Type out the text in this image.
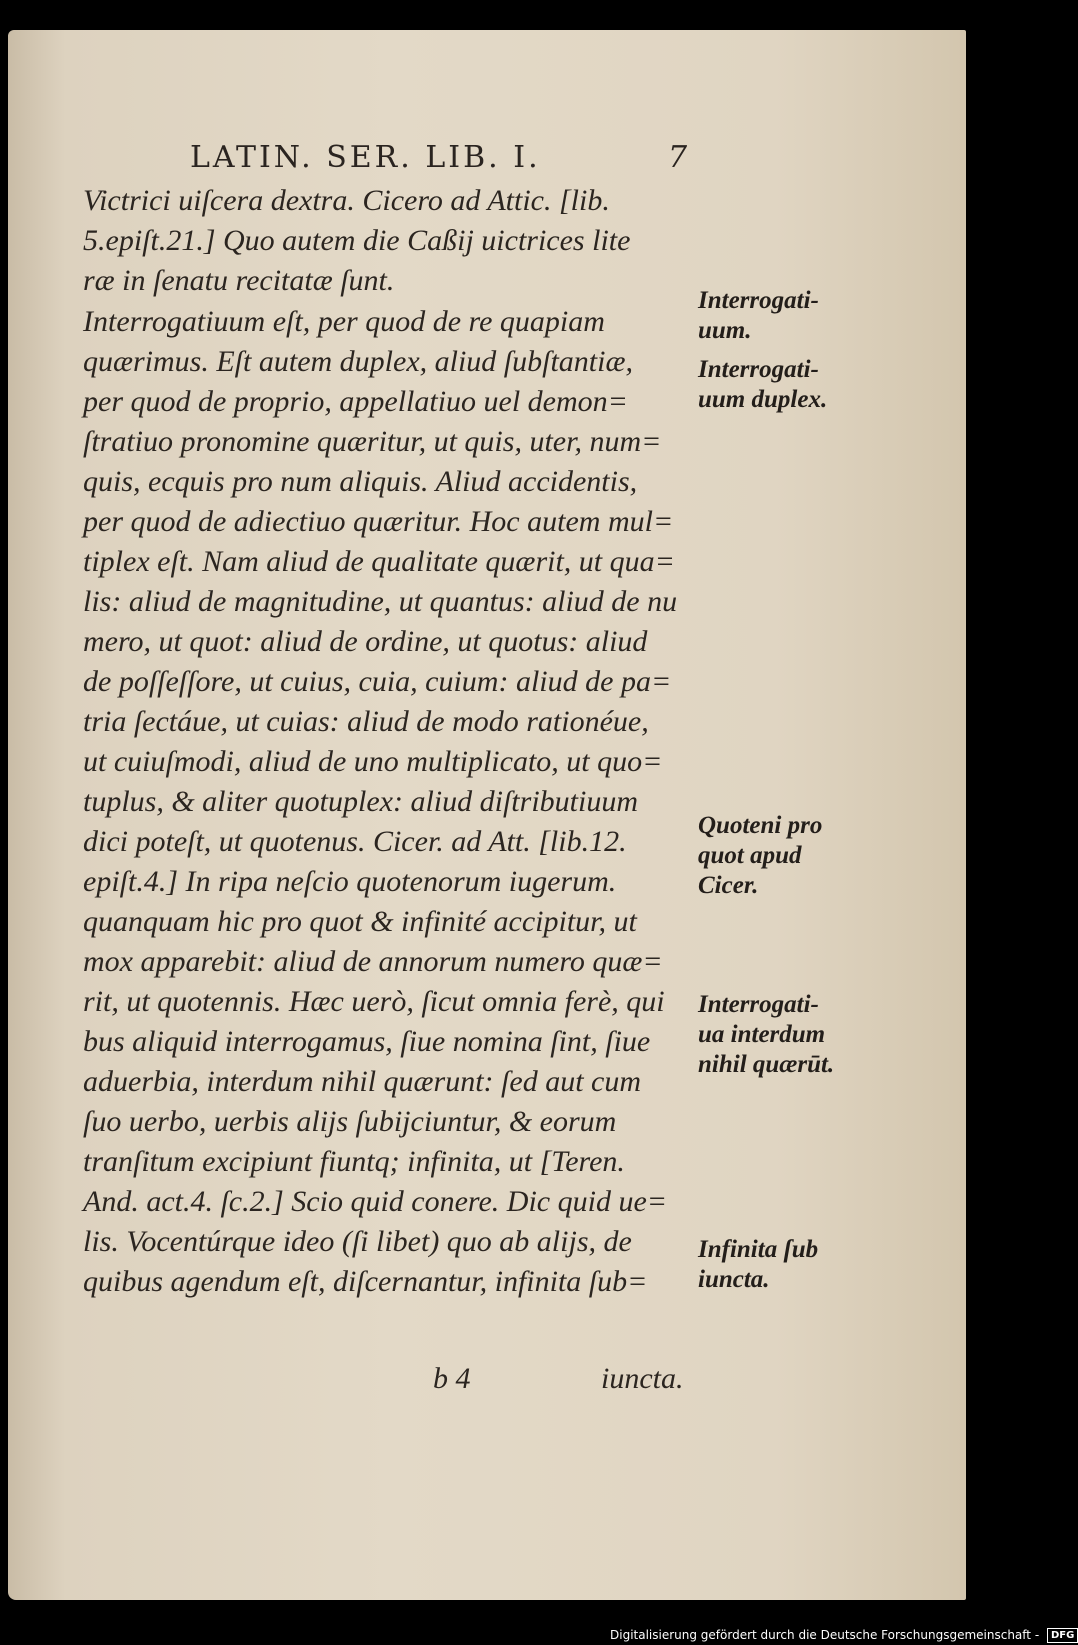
LATIN. SER. LIB. I.	7
Victrici uiſcera dextra. Cicero ad Attic. [lib.
5.epiſt.21.] Quo autem die Caßij uictrices lite
ræ in ſenatu recitatæ ſunt.
Interrogatiuum eſt, per quod de re quapiam
quærimus. Eſt autem duplex, aliud ſubſtantiæ,
per quod de proprio, appellatiuo uel demon=
ſtratiuo pronomine quæritur, ut quis, uter, num=
quis, ecquis pro num aliquis. Aliud accidentis,
per quod de adiectiuo quæritur. Hoc autem mul=
tiplex eſt. Nam aliud de qualitate quærit, ut qua=
lis: aliud de magnitudine, ut quantus: aliud de nu
mero, ut quot: aliud de ordine, ut quotus: aliud
de poſſeſſore, ut cuius, cuia, cuium: aliud de pa=
tria ſectáue, ut cuias: aliud de modo rationéue,
ut cuiuſmodi, aliud de uno multiplicato, ut quo=
tuplus, & aliter quotuplex: aliud diſtributiuum
dici poteſt, ut quotenus. Cicer. ad Att. [lib.12.
epiſt.4.] In ripa neſcio quotenorum iugerum.
quanquam hic pro quot & infinité accipitur, ut
mox apparebit: aliud de annorum numero quæ=
rit, ut quotennis. Hæc uerò, ſicut omnia ferè, qui
bus aliquid interrogamus, ſiue nomina ſint, ſiue
aduerbia, interdum nihil quærunt: ſed aut cum
ſuo uerbo, uerbis alijs ſubijciuntur, & eorum
tranſitum excipiunt fiuntq; infinita, ut [Teren.
And. act.4. ſc.2.] Scio quid conere. Dic quid ue=
lis. Vocentúrque ideo (ſi libet) quo ab alijs, de
quibus agendum eſt, diſcernantur, infinita ſub=
Interrogati-
uum.
Interrogati-
uum duplex.
Quoteni pro
quot apud
Cicer.
Interrogati-
ua interdum
nihil quærūt.
Infinita ſub
iuncta.
b 4	iuncta.
Digitalisierung gefördert durch die Deutsche Forschungsgemeinschaft - DFG
